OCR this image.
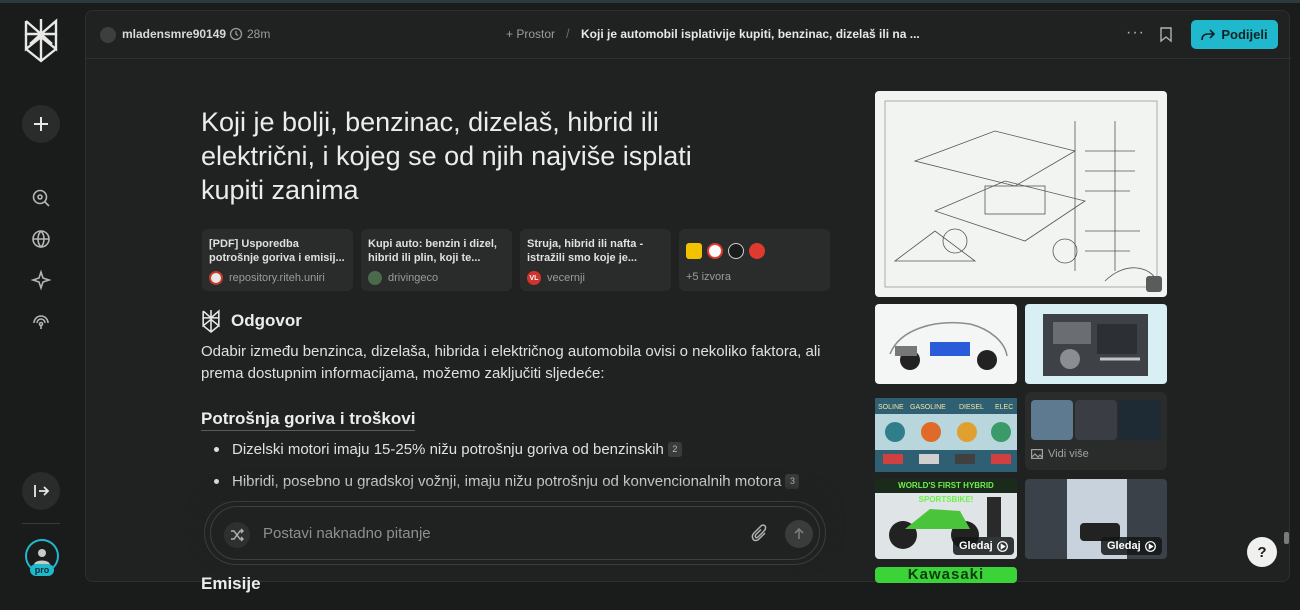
pro
mladensmre90149 28m	+ Prostor / Koji je automobil isplativije kupiti, benzinac, dizelaš ili na ...	···	Podijeli
Koji je bolji, benzinac, dizelaš, hibrid ili električni, i kojeg se od njih najviše isplati kupiti zanima
[PDF] Usporedba potrošnje goriva i emisij...
repository.riteh.uniri
Kupi auto: benzin i dizel, hibrid ili plin, koji te...
drivingeco
Struja, hibrid ili nafta - istražili smo koje je...
VL vecernji	+5 izvora
Odgovor

Odabir između benzinca, dizelaša, hibrida i električnog automobila ovisi o nekoliko faktora, ali prema dostupnim informacijama, možemo zaključiti sljedeće:

Potrošnja goriva i troškovi
Dizelski motori imaju 15-25% nižu potrošnju goriva od benzinskih 2
Hibridi, posebno u gradskoj vožnji, imaju nižu potrošnju od konvencionalnih motora 3
Emisije
Postavi naknadno pitanje
SOLINE GASOLINE DIESEL ELEC
Vidi više
WORLD'S FIRST HYBRID SPORTSBIKE!
Gledaj	Gledaj
Kawasaki
?
